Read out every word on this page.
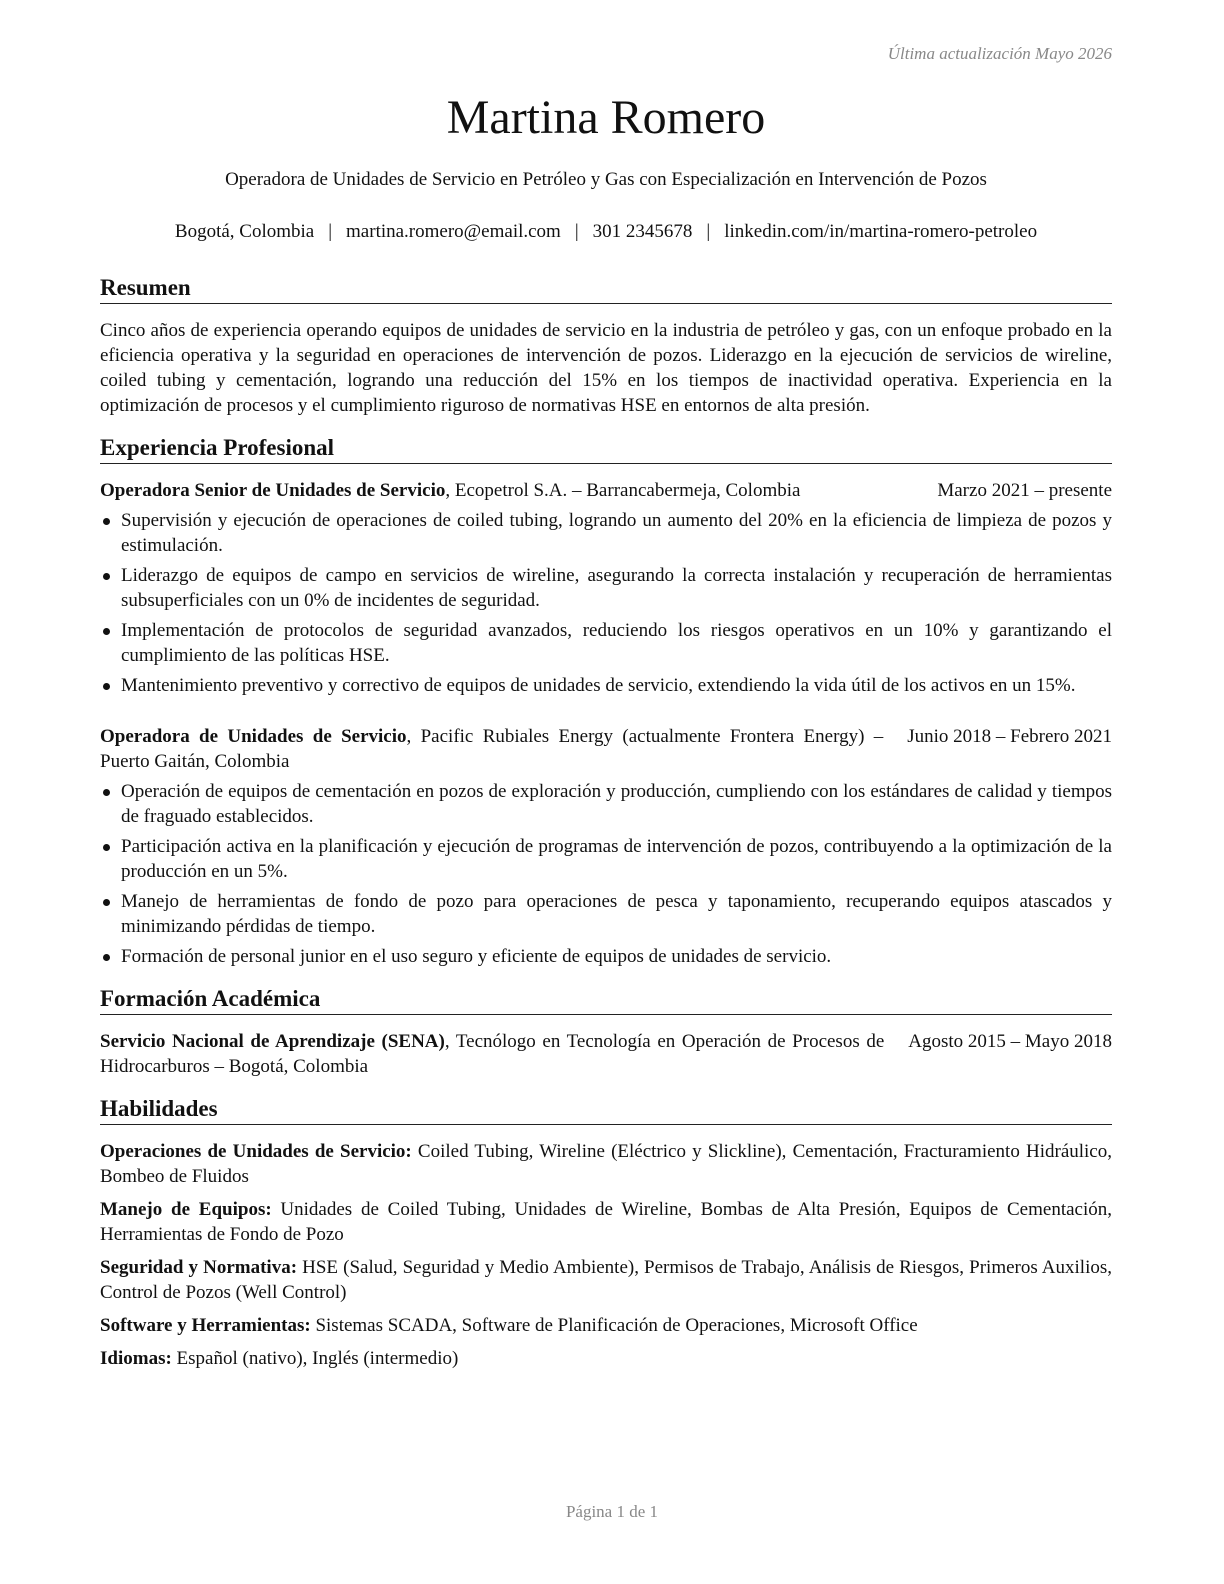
Última actualización Mayo 2026
Martina Romero
Operadora de Unidades de Servicio en Petróleo y Gas con Especialización en Intervención de Pozos
Bogotá, Colombia | martina.romero@email.com | 301 2345678 | linkedin.com/in/martina-romero-petroleo
Resumen

Cinco años de experiencia operando equipos de unidades de servicio en la industria de petróleo y gas, con un enfoque probado en la eficiencia operativa y la seguridad en operaciones de intervención de pozos. Liderazgo en la ejecución de servicios de wireline, coiled tubing y cementación, logrando una reducción del 15% en los tiempos de inactividad operativa. Experiencia en la optimización de procesos y el cumplimiento riguroso de normativas HSE en entornos de alta presión.

Experiencia Profesional
Operadora Senior de Unidades de Servicio, Ecopetrol S.A. – Barrancabermeja, Colombia	Marzo 2021 – presente
Supervisión y ejecución de operaciones de coiled tubing, logrando un aumento del 20% en la eficiencia de limpieza de pozos y estimulación.
Liderazgo de equipos de campo en servicios de wireline, asegurando la correcta instalación y recuperación de herramientas subsuperficiales con un 0% de incidentes de seguridad.
Implementación de protocolos de seguridad avanzados, reduciendo los riesgos operativos en un 10% y garantizando el cumplimiento de las políticas HSE.
Mantenimiento preventivo y correctivo de equipos de unidades de servicio, extendiendo la vida útil de los activos en un 15%.
Operadora de Unidades de Servicio, Pacific Rubiales Energy (actualmente Frontera Energy) – Puerto Gaitán, Colombia
Junio 2018 – Febrero 2021
Operación de equipos de cementación en pozos de exploración y producción, cumpliendo con los estándares de calidad y tiempos de fraguado establecidos.
Participación activa en la planificación y ejecución de programas de intervención de pozos, contribuyendo a la optimización de la producción en un 5%.
Manejo de herramientas de fondo de pozo para operaciones de pesca y taponamiento, recuperando equipos atascados y minimizando pérdidas de tiempo.
Formación de personal junior en el uso seguro y eficiente de equipos de unidades de servicio.
Formación Académica
Servicio Nacional de Aprendizaje (SENA), Tecnólogo en Tecnología en Operación de Procesos de Hidrocarburos – Bogotá, Colombia
Agosto 2015 – Mayo 2018
Habilidades
Operaciones de Unidades de Servicio: Coiled Tubing, Wireline (Eléctrico y Slickline), Cementación, Fracturamiento Hidráulico, Bombeo de Fluidos
Manejo de Equipos: Unidades de Coiled Tubing, Unidades de Wireline, Bombas de Alta Presión, Equipos de Cementación, Herramientas de Fondo de Pozo
Seguridad y Normativa: HSE (Salud, Seguridad y Medio Ambiente), Permisos de Trabajo, Análisis de Riesgos, Primeros Auxilios, Control de Pozos (Well Control)
Software y Herramientas: Sistemas SCADA, Software de Planificación de Operaciones, Microsoft Office
Idiomas: Español (nativo), Inglés (intermedio)
Página 1 de 1
